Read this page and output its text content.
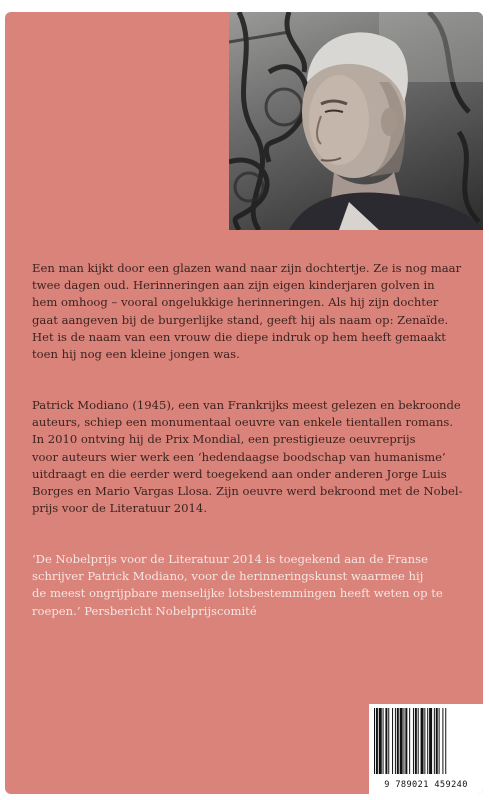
Een man kijkt door een glazen wand naar zijn dochtertje. Ze is nog maar
twee dagen oud. Herinneringen aan zijn eigen kinderjaren golven in
hem omhoog – vooral ongelukkige herinneringen. Als hij zijn dochter
gaat aangeven bij de burgerlijke stand, geeft hij als naam op: Zenaïde.
Het is de naam van een vrouw die diepe indruk op hem heeft gemaakt
toen hij nog een kleine jongen was.

Patrick Modiano (1945), een van Frankrijks meest gelezen en bekroonde
auteurs, schiep een monumentaal oeuvre van enkele tientallen romans.
In 2010 ontving hij de Prix Mondial, een prestigieuze oeuvreprijs
voor auteurs wier werk een ‘hedendaagse boodschap van humanisme’
uitdraagt en die eerder werd toegekend aan onder anderen Jorge Luis
Borges en Mario Vargas Llosa. Zijn oeuvre werd bekroond met de Nobel-
prijs voor de Literatuur 2014.

‘De Nobelprijs voor de Literatuur 2014 is toegekend aan de Franse
schrijver Patrick Modiano, voor de herinneringskunst waarmee hij
de meest ongrijpbare menselijke lotsbestemmingen heeft weten op te
roepen.’ Persbericht Nobelprijscomité

9 789021 459240
